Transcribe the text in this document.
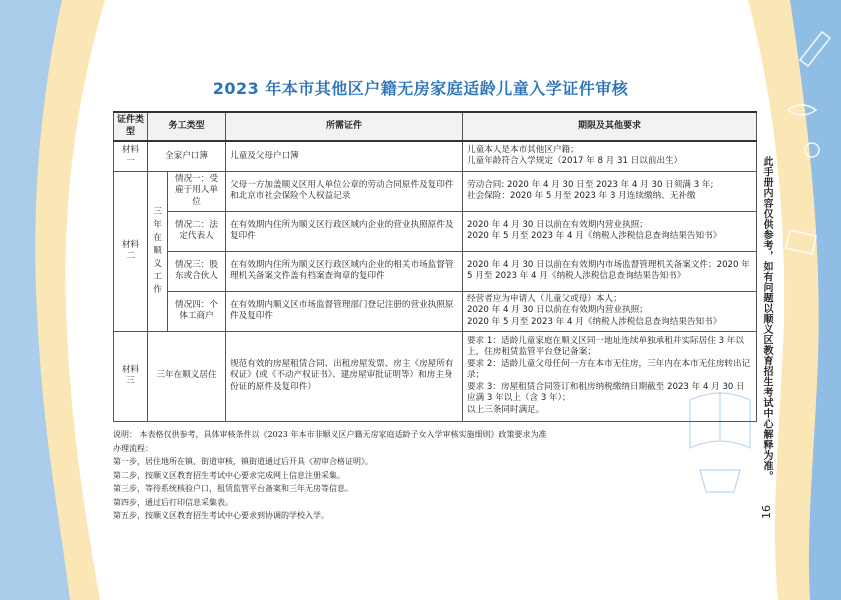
2023 年本市其他区户籍无房家庭适龄儿童入学证件审核
证件类型	务工类型		所需证件	期限及其他要求
材料一	全家户口簿		儿童及父母户口簿	儿童本人是本市其他区户籍；
儿童年龄符合入学规定（2017 年 8 月 31 日以前出生）
材料二	三年在顺义工作	情况一：受雇于用人单位	父母一方加盖顺义区用人单位公章的劳动合同原件及复印件和北京市社会保险个人权益记录	劳动合同: 2020 年 4 月 30 日至 2023 年 4 月 30 日须满 3 年;
社会保险：2020 年 5 月至 2023 年 3 月连续缴纳、无补缴
		情况二：法定代表人	在有效期内住所为顺义区行政区域内企业的营业执照原件及复印件	2020 年 4 月 30 日以前在有效期内营业执照；
2020 年 5 月至 2023 年 4 月《纳税人涉税信息查询结果告知书》
		情况三：股东或合伙人	在有效期内住所为顺义区行政区域内企业的相关市场监督管理机关备案文件盖有档案查询章的复印件	2020 年 4 月 30 日以前在有效期内市场监督管理机关备案文件；2020 年 5 月至 2023 年 4 月《纳税人涉税信息查询结果告知书》
		情况四：个体工商户	在有效期内顺义区市场监督管理部门登记注册的营业执照原件及复印件	经营者应为申请人（儿童父或母）本人；
2020 年 4 月 30 日以前在有效期内营业执照；
2020 年 5 月至 2023 年 4 月《纳税人涉税信息查询结果告知书》
材料三	三年在顺义居住		规范有效的房屋租赁合同、出租房屋发票、房主《房屋所有权证》(或《不动产权证书》、建房屋审批证明等）和房主身份证的原件及复印件）	要求 1：适龄儿童家庭在顺义区同一地址连续单独承租并实际居住 3 年以上，住房租赁监管平台登记备案；
要求 2：适龄儿童父母任何一方在本市无住房，三年内在本市无住房转出记录；
要求 3：房屋租赁合同签订和租房纳税缴纳日期截至 2023 年 4 月 30 日应满 3 年以上（含 3 年）；
以上三条同时满足。
说明： 本表格仅供参考，具体审核条件以《2023 年本市非顺义区户籍无房家庭适龄子女入学审核实施细则》政策要求为准
办理流程：
第一步，居住地所在镇、街道审核，镇街道通过后开具《初审合格证明》。
第二步，按顺义区教育招生考试中心要求完成网上信息注册采集。
第三步，等待系统核验户口，租赁监管平台备案和三年无房等信息。
第四步，通过后打印信息采集表。
第五步，按顺义区教育招生考试中心要求到协调的学校入学。
此手册内容仅供参考，如有问题以顺义区教育招生考试中心解释为准。
16
